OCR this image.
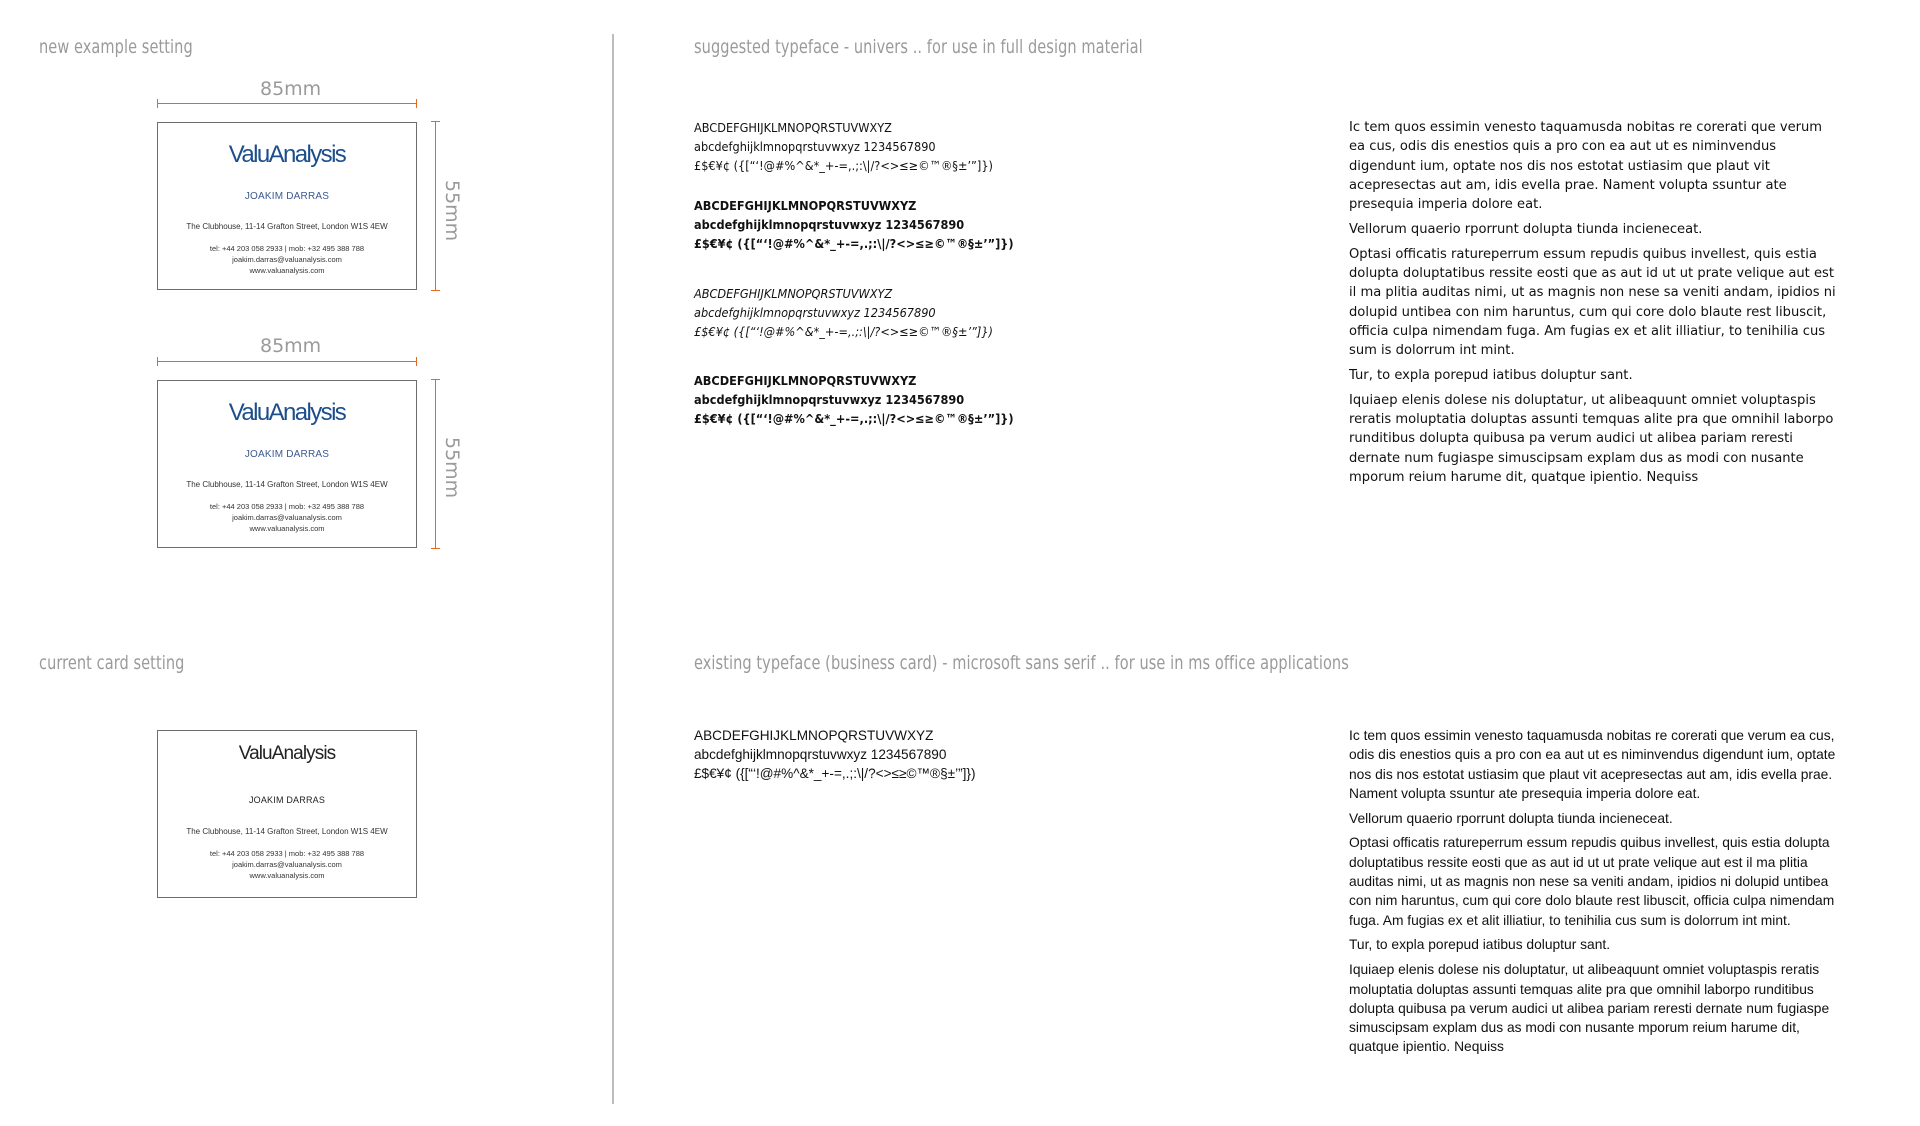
new example setting
current card setting
suggested typeface - univers .. for use in full design material
existing typeface (business card) - microsoft sans serif .. for use in ms office applications
85mm
55mm
ValuAnalysis
JOAKIM DARRAS
The Clubhouse, 11-14 Grafton Street, London W1S 4EW
tel: +44 203 058 2933 | mob: +32 495 388 788
joakim.darras@valuanalysis.com
www.valuanalysis.com
85mm
55mm
ValuAnalysis
JOAKIM DARRAS
The Clubhouse, 11-14 Grafton Street, London W1S 4EW
tel: +44 203 058 2933 | mob: +32 495 388 788
joakim.darras@valuanalysis.com
www.valuanalysis.com
ValuAnalysis
JOAKIM DARRAS
The Clubhouse, 11-14 Grafton Street, London W1S 4EW
tel: +44 203 058 2933 | mob: +32 495 388 788
joakim.darras@valuanalysis.com
www.valuanalysis.com
ABCDEFGHIJKLMNOPQRSTUVWXYZ
abcdefghijklmnopqrstuvwxyz 1234567890
£$€¥¢ ({[“‘!@#%^&*_+-=,.;:\|/?<>≤≥©™®§±’”]})
ABCDEFGHIJKLMNOPQRSTUVWXYZ
abcdefghijklmnopqrstuvwxyz 1234567890
£$€¥¢ ({[“‘!@#%^&*_+-=,.;:\|/?<>≤≥©™®§±’”]})
ABCDEFGHIJKLMNOPQRSTUVWXYZ
abcdefghijklmnopqrstuvwxyz 1234567890
£$€¥¢ ({[“‘!@#%^&*_+-=,.;:\|/?<>≤≥©™®§±’”]})
ABCDEFGHIJKLMNOPQRSTUVWXYZ
abcdefghijklmnopqrstuvwxyz 1234567890
£$€¥¢ ({[“‘!@#%^&*_+-=,.;:\|/?<>≤≥©™®§±’”]})

Ic tem quos essimin venesto taquamusda nobitas re corerati que verum ea cus, odis dis enestios quis a pro con ea aut ut es niminvendus digendunt ium, optate nos dis nos estotat ustiasim que plaut vit acepresectas aut am, idis evella prae. Nament volupta ssuntur ate presequia imperia dolore eat.

Vellorum quaerio rporrunt dolupta tiunda incieneceat.

Optasi officatis ratureperrum essum repudis quibus invellest, quis estia dolupta doluptatibus ressite eosti que as aut id ut ut prate velique aut est il ma plitia auditas nimi, ut as magnis non nese sa veniti andam, ipidios ni dolupid untibea con nim haruntus, cum qui core dolo blaute rest libuscit, officia culpa nimendam fuga. Am fugias ex et alit illiatiur, to tenihilia cus sum is dolorrum int mint.

Tur, to expla porepud iatibus doluptur sant.

Iquiaep elenis dolese nis doluptatur, ut alibeaquunt omniet voluptaspis reratis moluptatia doluptas assunti temquas alite pra que omnihil laborpo runditibus dolupta quibusa pa verum audici ut alibea pariam reresti dernate num fugiaspe simuscipsam explam dus as modi con nusante mporum reium harume dit, quatque ipientio. Nequiss

ABCDEFGHIJKLMNOPQRSTUVWXYZ
abcdefghijklmnopqrstuvwxyz 1234567890
£$€¥¢ ({[“‘!@#%^&*_+-=,.;:\|/?<>≤≥©™®§±’”]})

Ic tem quos essimin venesto taquamusda nobitas re corerati que verum ea cus, odis dis enestios quis a pro con ea aut ut es niminvendus digendunt ium, optate nos dis nos estotat ustiasim que plaut vit acepresectas aut am, idis evella prae. Nament volupta ssuntur ate presequia imperia dolore eat.

Vellorum quaerio rporrunt dolupta tiunda incieneceat.

Optasi officatis ratureperrum essum repudis quibus invellest, quis estia dolupta doluptatibus ressite eosti que as aut id ut ut prate velique aut est il ma plitia auditas nimi, ut as magnis non nese sa veniti andam, ipidios ni dolupid untibea con nim haruntus, cum qui core dolo blaute rest libuscit, officia culpa nimendam fuga. Am fugias ex et alit illiatiur, to tenihilia cus sum is dolorrum int mint.

Tur, to expla porepud iatibus doluptur sant.

Iquiaep elenis dolese nis doluptatur, ut alibeaquunt omniet voluptaspis reratis moluptatia doluptas assunti temquas alite pra que omnihil laborpo runditibus dolupta quibusa pa verum audici ut alibea pariam reresti dernate num fugiaspe simuscipsam explam dus as modi con nusante mporum reium harume dit, quatque ipientio. Nequiss
